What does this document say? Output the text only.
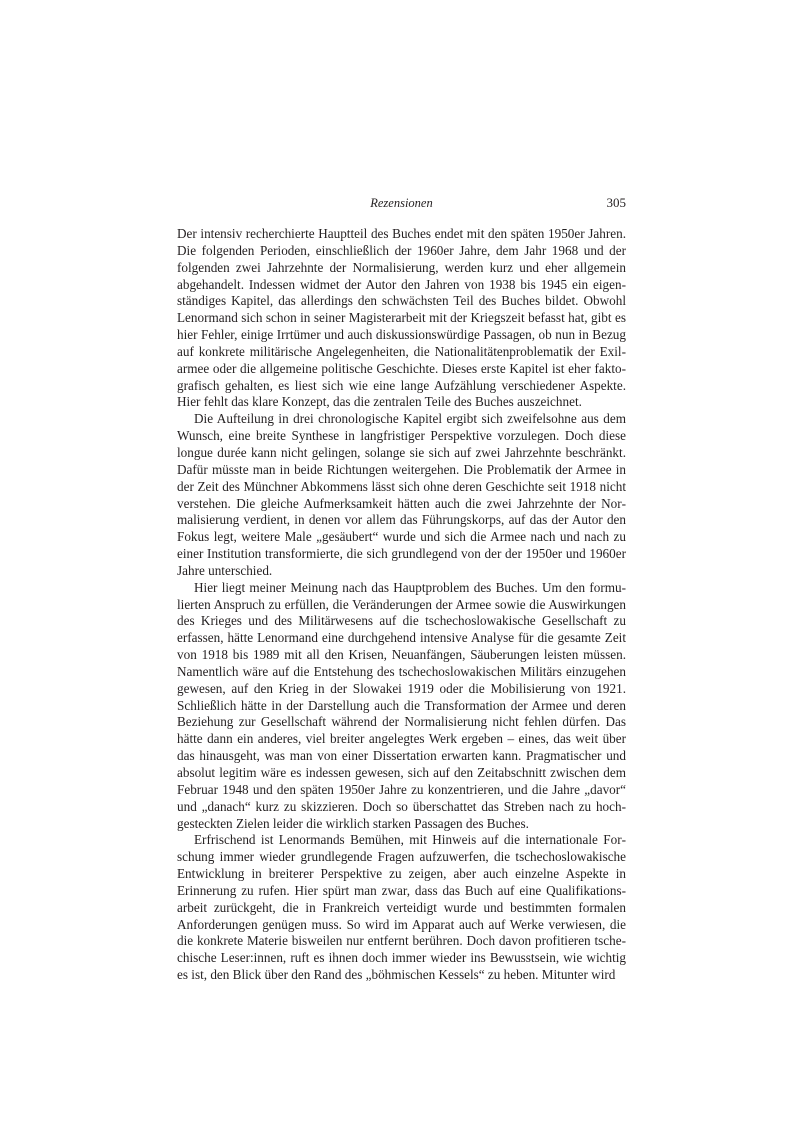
Rezensionen	305

Der intensiv recherchierte Hauptteil des Buches endet mit den späten 1950er Jahren. Die folgenden Perioden, einschließlich der 1960er Jahre, dem Jahr 1968 und der folgenden zwei Jahrzehnte der Normalisierung, werden kurz und eher allgemein abgehandelt. Indessen widmet der Autor den Jahren von 1938 bis 1945 ein eigenständiges Kapitel, das allerdings den schwächsten Teil des Buches bildet. Obwohl Lenormand sich schon in seiner Magisterarbeit mit der Kriegszeit befasst hat, gibt es hier Fehler, einige Irrtümer und auch diskussionswürdige Passagen, ob nun in Bezug auf konkrete militärische Angelegenheiten, die Nationalitätenproblematik der Exilarmee oder die allgemeine politische Geschichte. Dieses erste Kapitel ist eher faktografisch gehalten, es liest sich wie eine lange Aufzählung verschiedener Aspekte. Hier fehlt das klare Konzept, das die zentralen Teile des Buches auszeichnet.

Die Aufteilung in drei chronologische Kapitel ergibt sich zweifelsohne aus dem Wunsch, eine breite Synthese in langfristiger Perspektive vorzulegen. Doch diese longue durée kann nicht gelingen, solange sie sich auf zwei Jahrzehnte beschränkt. Dafür müsste man in beide Richtungen weitergehen. Die Problematik der Armee in der Zeit des Münchner Abkommens lässt sich ohne deren Geschichte seit 1918 nicht verstehen. Die gleiche Aufmerksamkeit hätten auch die zwei Jahrzehnte der Normalisierung verdient, in denen vor allem das Führungskorps, auf das der Autor den Fokus legt, weitere Male „gesäubert“ wurde und sich die Armee nach und nach zu einer Institution transformierte, die sich grundlegend von der der 1950er und 1960er Jahre unterschied.

Hier liegt meiner Meinung nach das Hauptproblem des Buches. Um den formulierten Anspruch zu erfüllen, die Veränderungen der Armee sowie die Auswirkungen des Krieges und des Militärwesens auf die tschechoslowakische Gesellschaft zu erfassen, hätte Lenormand eine durchgehend intensive Analyse für die gesamte Zeit von 1918 bis 1989 mit all den Krisen, Neuanfängen, Säuberungen leisten müssen. Namentlich wäre auf die Entstehung des tschechoslowakischen Militärs einzugehen gewesen, auf den Krieg in der Slowakei 1919 oder die Mobilisierung von 1921. Schließlich hätte in der Darstellung auch die Transformation der Armee und deren Beziehung zur Gesellschaft während der Normalisierung nicht fehlen dürfen. Das hätte dann ein anderes, viel breiter angelegtes Werk ergeben – eines, das weit über das hinausgeht, was man von einer Dissertation erwarten kann. Pragmatischer und absolut legitim wäre es indessen gewesen, sich auf den Zeitabschnitt zwischen dem Februar 1948 und den späten 1950er Jahre zu konzentrieren, und die Jahre „davor“ und „danach“ kurz zu skizzieren. Doch so überschattet das Streben nach zu hochgesteckten Zielen leider die wirklich starken Passagen des Buches.

Erfrischend ist Lenormands Bemühen, mit Hinweis auf die internationale Forschung immer wieder grundlegende Fragen aufzuwerfen, die tschechoslowakische Entwicklung in breiterer Perspektive zu zeigen, aber auch einzelne Aspekte in Erinnerung zu rufen. Hier spürt man zwar, dass das Buch auf eine Qualifikationsarbeit zurückgeht, die in Frankreich verteidigt wurde und bestimmten formalen Anforderungen genügen muss. So wird im Apparat auch auf Werke verwiesen, die die konkrete Materie bisweilen nur entfernt berühren. Doch davon profitieren tschechische Leser:innen, ruft es ihnen doch immer wieder ins Bewusstsein, wie wichtig es ist, den Blick über den Rand des „böhmischen Kessels“ zu heben. Mitunter wird
